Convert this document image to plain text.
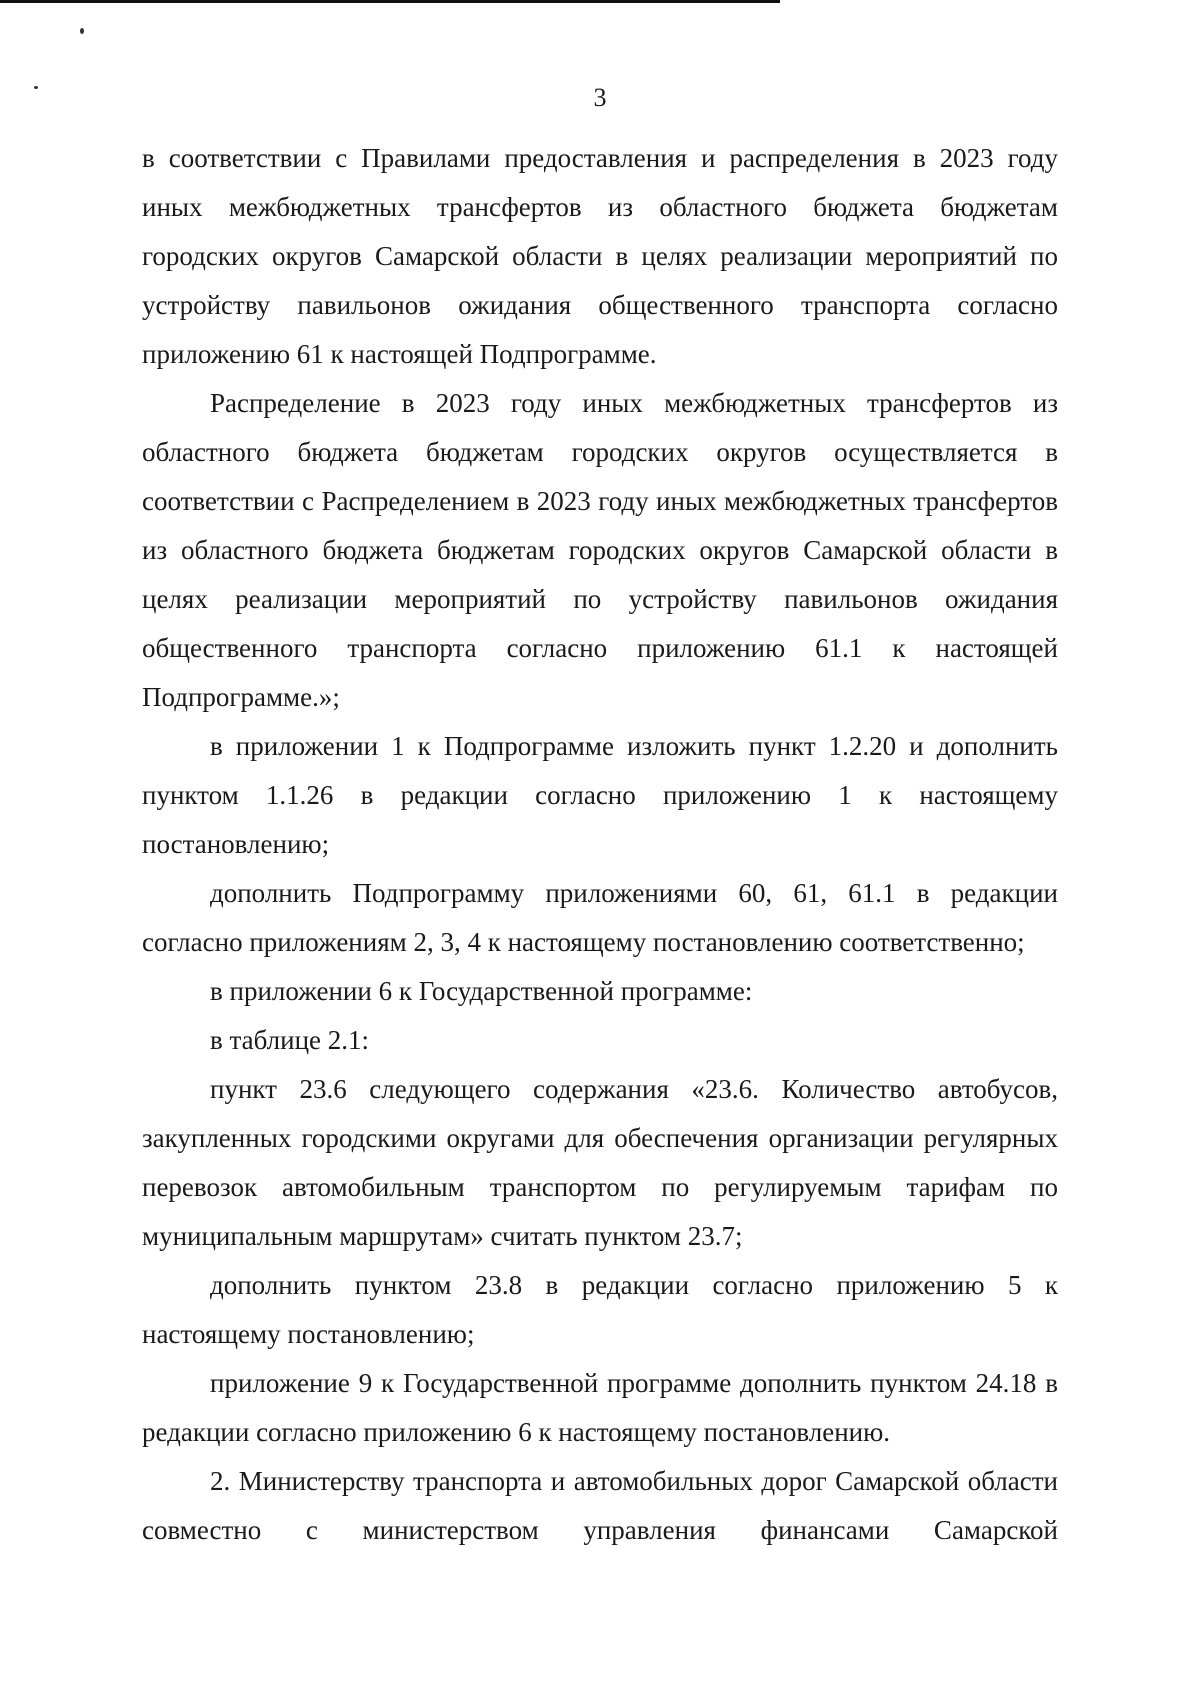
3

в соответствии с Правилами предоставления и распределения в 2023 году иных межбюджетных трансфертов из областного бюджета бюджетам городских округов Самарской области в целях реализации мероприятий по устройству павильонов ожидания общественного транспорта согласно приложению 61 к настоящей Подпрограмме.

Распределение в 2023 году иных межбюджетных трансфертов из областного бюджета бюджетам городских округов осуществляется в соответствии с Распределением в 2023 году иных межбюджетных трансфертов из областного бюджета бюджетам городских округов Самарской области в целях реализации мероприятий по устройству павильонов ожидания общественного транспорта согласно приложению 61.1 к настоящей Подпрограмме.»;

в приложении 1 к Подпрограмме изложить пункт 1.2.20 и дополнить пунктом 1.1.26 в редакции согласно приложению 1 к настоящему постановлению;

дополнить Подпрограмму приложениями 60, 61, 61.1 в редакции согласно приложениям 2, 3, 4 к настоящему постановлению соответственно;

в приложении 6 к Государственной программе:

в таблице 2.1:

пункт 23.6 следующего содержания «23.6. Количество автобусов, закупленных городскими округами для обеспечения организации регулярных перевозок автомобильным транспортом по регулируемым тарифам по муниципальным маршрутам» считать пунктом 23.7;

дополнить пунктом 23.8 в редакции согласно приложению 5 к настоящему постановлению;

приложение 9 к Государственной программе дополнить пунктом 24.18 в редакции согласно приложению 6 к настоящему постановлению.

2. Министерству транспорта и автомобильных дорог Самарской области совместно с министерством управления финансами Самарской
